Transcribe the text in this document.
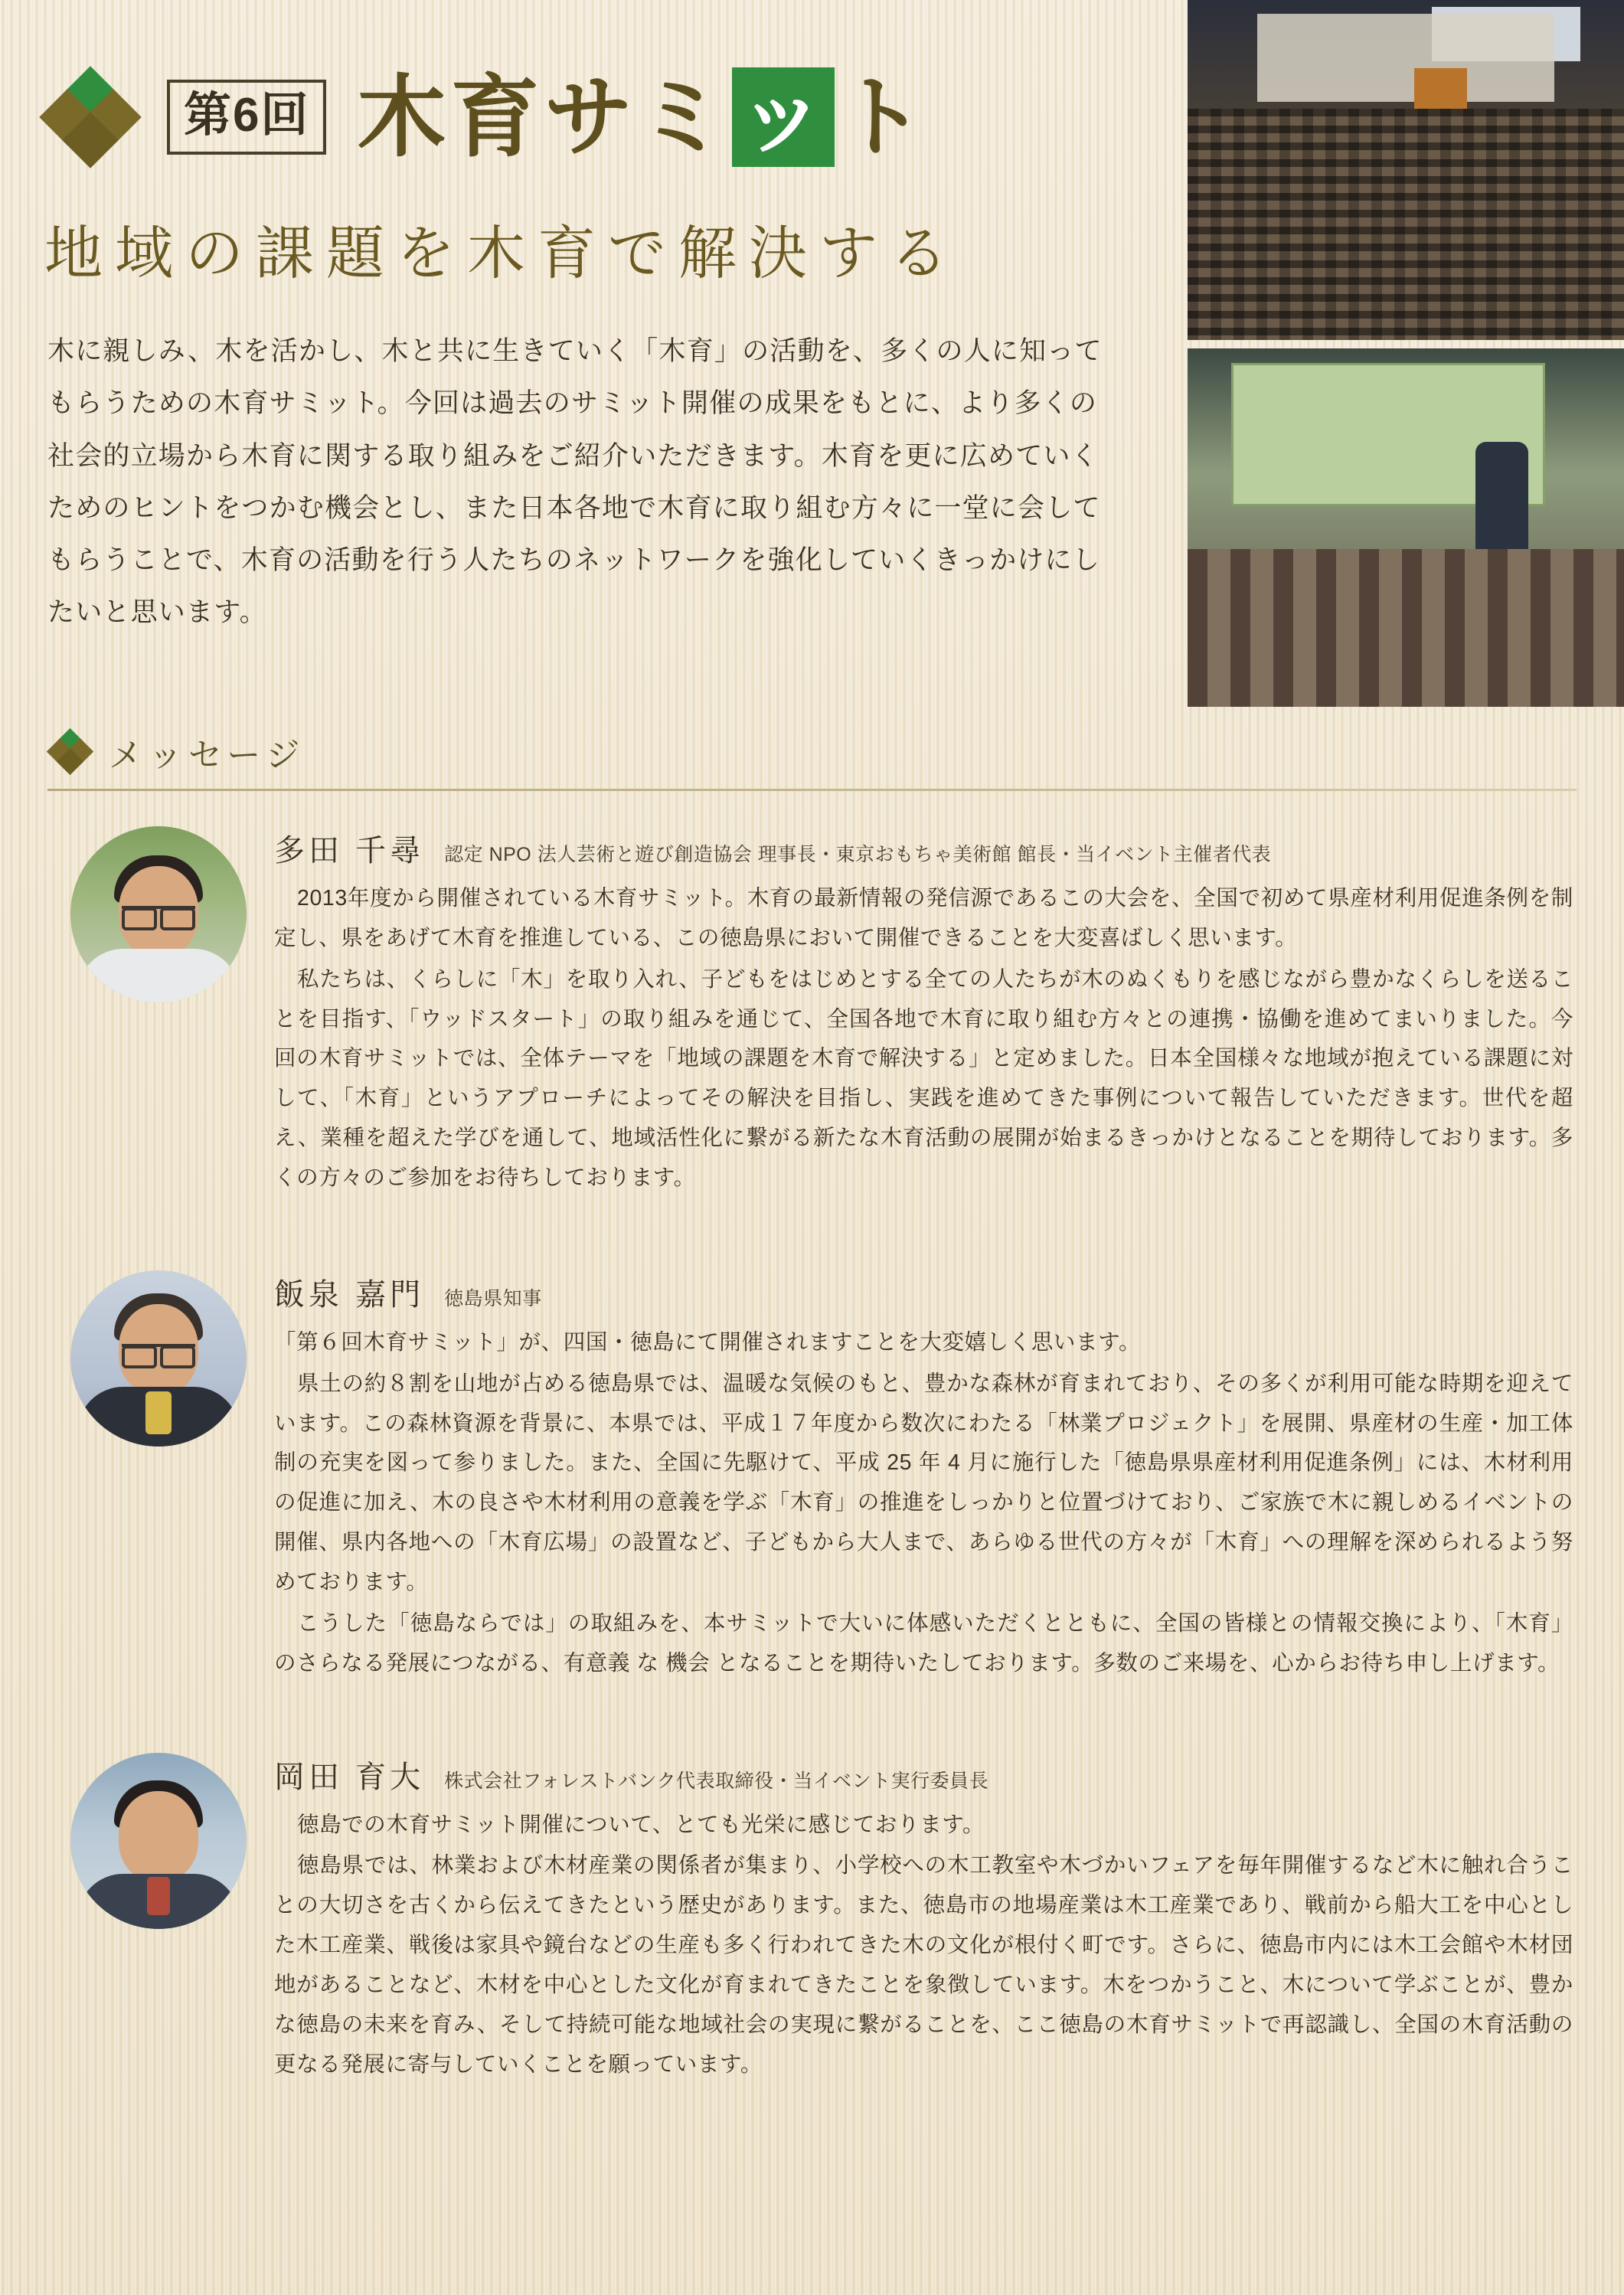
第6回 木育サミ ッ ト
地域の課題を木育で解決する
木に親しみ、木を活かし、木と共に生きていく「木育」の活動を、多くの人に知ってもらうための木育サミット。今回は過去のサミット開催の成果をもとに、より多くの社会的立場から木育に関する取り組みをご紹介いただきます。木育を更に広めていくためのヒントをつかむ機会とし、また日本各地で木育に取り組む方々に一堂に会してもらうことで、木育の活動を行う人たちのネットワークを強化していくきっかけにしたいと思います。
メッセージ
多田 千尋 認定 NPO 法人芸術と遊び創造協会 理事長・東京おもちゃ美術館 館長・当イベント主催者代表

2013年度から開催されている木育サミット。木育の最新情報の発信源であるこの大会を、全国で初めて県産材利用促進条例を制定し、県をあげて木育を推進している、この徳島県において開催できることを大変喜ばしく思います。

私たちは、くらしに「木」を取り入れ、子どもをはじめとする全ての人たちが木のぬくもりを感じながら豊かなくらしを送ることを目指す、「ウッドスタート」の取り組みを通じて、全国各地で木育に取り組む方々との連携・協働を進めてまいりました。今回の木育サミットでは、全体テーマを「地域の課題を木育で解決する」と定めました。日本全国様々な地域が抱えている課題に対して、「木育」というアプローチによってその解決を目指し、実践を進めてきた事例について報告していただきます。世代を超え、業種を超えた学びを通して、地域活性化に繋がる新たな木育活動の展開が始まるきっかけとなることを期待しております。多くの方々のご参加をお待ちしております。

飯泉 嘉門 徳島県知事

「第６回木育サミット」が、四国・徳島にて開催されますことを大変嬉しく思います。

県土の約８割を山地が占める徳島県では、温暖な気候のもと、豊かな森林が育まれており、その多くが利用可能な時期を迎えています。この森林資源を背景に、本県では、平成１７年度から数次にわたる「林業プロジェクト」を展開、県産材の生産・加工体制の充実を図って参りました。また、全国に先駆けて、平成 25 年 4 月に施行した「徳島県県産材利用促進条例」には、木材利用の促進に加え、木の良さや木材利用の意義を学ぶ「木育」の推進をしっかりと位置づけており、ご家族で木に親しめるイベントの開催、県内各地への「木育広場」の設置など、子どもから大人まで、あらゆる世代の方々が「木育」への理解を深められるよう努めております。

こうした「徳島ならでは」の取組みを、本サミットで大いに体感いただくとともに、全国の皆様との情報交換により、「木育」のさらなる発展につながる、有意義 な 機会 となることを期待いたしております。多数のご来場を、心からお待ち申し上げます。

岡田 育大 株式会社フォレストバンク代表取締役・当イベント実行委員長

徳島での木育サミット開催について、とても光栄に感じております。

徳島県では、林業および木材産業の関係者が集まり、小学校への木工教室や木づかいフェアを毎年開催するなど木に触れ合うことの大切さを古くから伝えてきたという歴史があります。また、徳島市の地場産業は木工産業であり、戦前から船大工を中心とした木工産業、戦後は家具や鏡台などの生産も多く行われてきた木の文化が根付く町です。さらに、徳島市内には木工会館や木材団地があることなど、木材を中心とした文化が育まれてきたことを象徴しています。木をつかうこと、木について学ぶことが、豊かな徳島の未来を育み、そして持続可能な地域社会の実現に繋がることを、ここ徳島の木育サミットで再認識し、全国の木育活動の更なる発展に寄与していくことを願っています。
